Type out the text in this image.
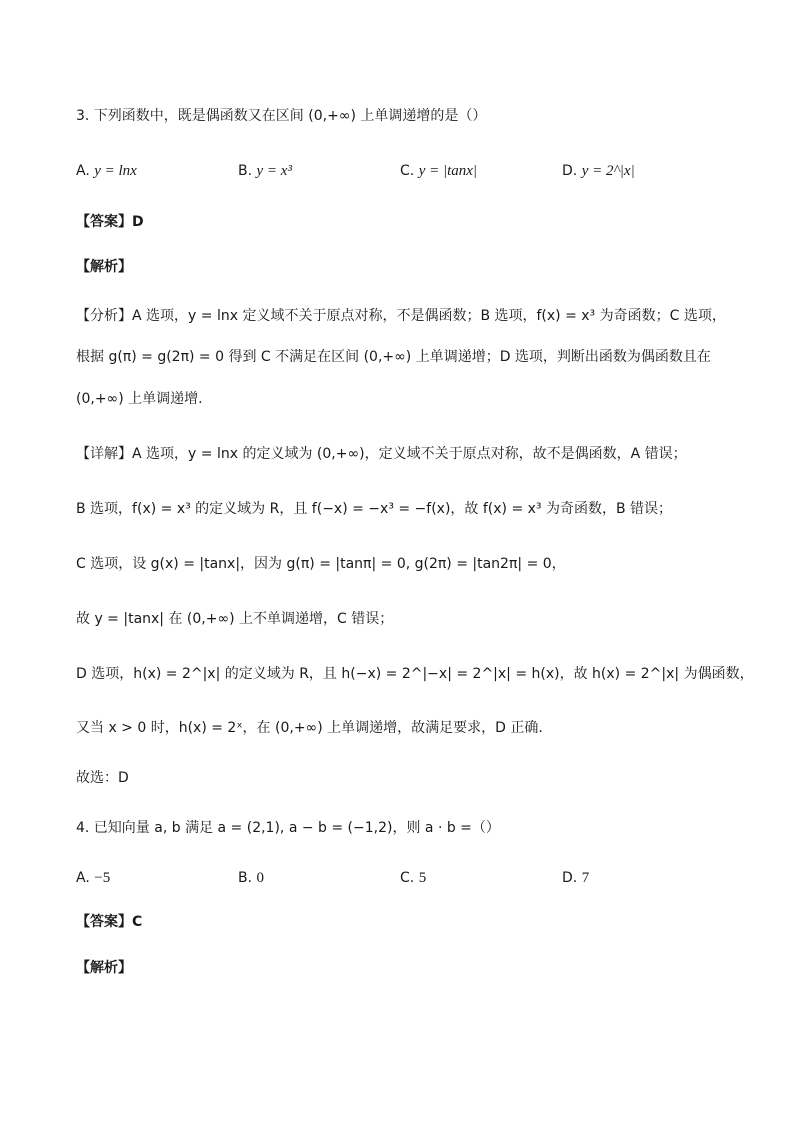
3. 下列函数中，既是偶函数又在区间 (0,+∞) 上单调递增的是（）
A. y = lnx	B. y = x³	C. y = |tanx|	D. y = 2^|x|
【答案】D
【解析】
【分析】A 选项，y = lnx 定义域不关于原点对称，不是偶函数；B 选项，f(x) = x³ 为奇函数；C 选项，
根据 g(π) = g(2π) = 0 得到 C 不满足在区间 (0,+∞) 上单调递增；D 选项，判断出函数为偶函数且在
(0,+∞) 上单调递增.
【详解】A 选项，y = lnx 的定义域为 (0,+∞)，定义域不关于原点对称，故不是偶函数，A 错误；
B 选项，f(x) = x³ 的定义域为 R，且 f(−x) = −x³ = −f(x)，故 f(x) = x³ 为奇函数，B 错误；
C 选项，设 g(x) = |tanx|，因为 g(π) = |tanπ| = 0, g(2π) = |tan2π| = 0，
故 y = |tanx| 在 (0,+∞) 上不单调递增，C 错误；
D 选项，h(x) = 2^|x| 的定义域为 R，且 h(−x) = 2^|−x| = 2^|x| = h(x)，故 h(x) = 2^|x| 为偶函数，
又当 x > 0 时，h(x) = 2ˣ，在 (0,+∞) 上单调递增，故满足要求，D 正确.
故选：D
4. 已知向量 a, b 满足 a = (2,1), a − b = (−1,2)，则 a · b =（）
A. −5	B. 0	C. 5	D. 7
【答案】C
【解析】
